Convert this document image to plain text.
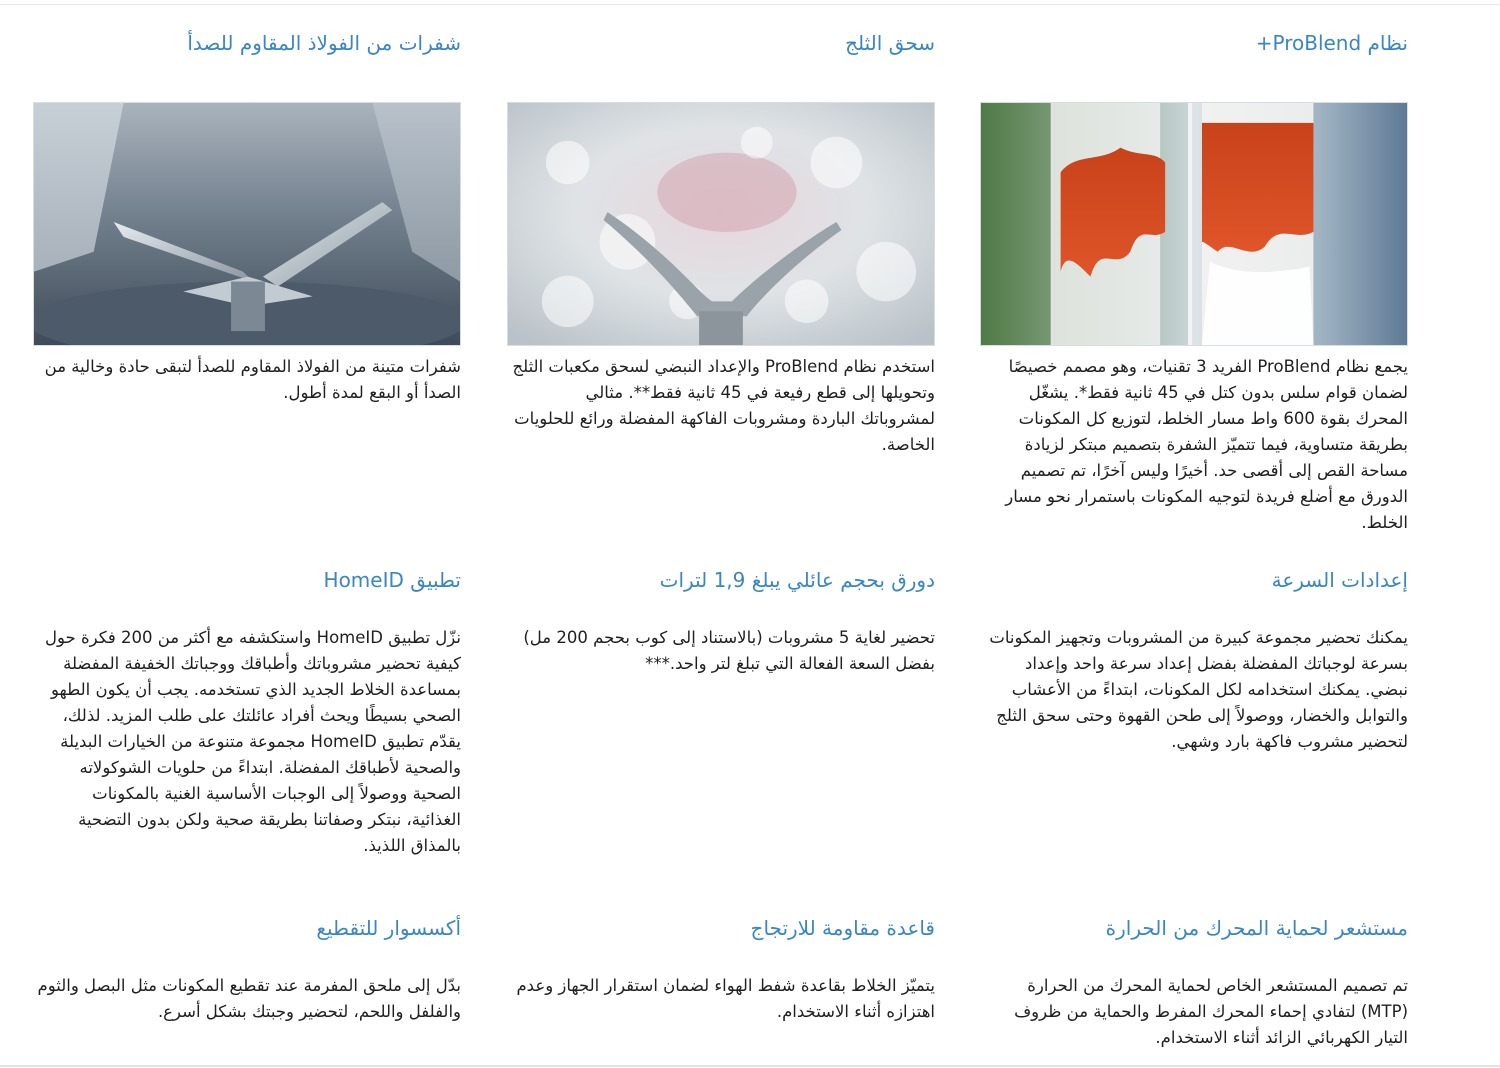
نظام ProBlend+

يجمع نظام ProBlend الفريد 3 تقنيات، وهو مصمم خصيصًا لضمان قوام سلس بدون كتل في 45 ثانية فقط*. يشغّل المحرك بقوة 600 واط مسار الخلط، لتوزيع كل المكونات بطريقة متساوية، فيما تتميّز الشفرة بتصميم مبتكر لزيادة مساحة القص إلى أقصى حد. أخيرًا وليس آخرًا، تم تصميم الدورق مع أضلع فريدة لتوجيه المكونات باستمرار نحو مسار الخلط.

سحق الثلج

استخدم نظام ProBlend والإعداد النبضي لسحق مكعبات الثلج وتحويلها إلى قطع رفيعة في 45 ثانية فقط**. مثالي لمشروباتك الباردة ومشروبات الفاكهة المفضلة ورائع للحلويات الخاصة.

شفرات من الفولاذ المقاوم للصدأ

شفرات متينة من الفولاذ المقاوم للصدأ لتبقى حادة وخالية من الصدأ أو البقع لمدة أطول.

إعدادات السرعة

يمكنك تحضير مجموعة كبيرة من المشروبات وتجهيز المكونات بسرعة لوجباتك المفضلة بفضل إعداد سرعة واحد وإعداد نبضي. يمكنك استخدامه لكل المكونات، ابتداءً من الأعشاب والتوابل والخضار، ووصولاً إلى طحن القهوة وحتى سحق الثلج لتحضير مشروب فاكهة بارد وشهي.

دورق بحجم عائلي يبلغ 1,9 لترات

تحضير لغاية 5 مشروبات (بالاستناد إلى كوب بحجم 200 مل) بفضل السعة الفعالة التي تبلغ لتر واحد.***

تطبيق HomeID

نزّل تطبيق HomeID واستكشفه مع أكثر من 200 فكرة حول كيفية تحضير مشروباتك وأطباقك ووجباتك الخفيفة المفضلة بمساعدة الخلاط الجديد الذي تستخدمه. يجب أن يكون الطهو الصحي بسيطًا ويحث أفراد عائلتك على طلب المزيد. لذلك، يقدّم تطبيق HomeID مجموعة متنوعة من الخيارات البديلة والصحية لأطباقك المفضلة. ابتداءً من حلويات الشوكولاته الصحية ووصولاً إلى الوجبات الأساسية الغنية بالمكونات الغذائية، نبتكر وصفاتنا بطريقة صحية ولكن بدون التضحية بالمذاق اللذيذ.

مستشعر لحماية المحرك من الحرارة

تم تصميم المستشعر الخاص لحماية المحرك من الحرارة (MTP) لتفادي إحماء المحرك المفرط والحماية من ظروف التيار الكهربائي الزائد أثناء الاستخدام.

قاعدة مقاومة للارتجاج

يتميّز الخلاط بقاعدة شفط الهواء لضمان استقرار الجهاز وعدم اهتزازه أثناء الاستخدام.

أكسسوار للتقطيع

بدّل إلى ملحق المفرمة عند تقطيع المكونات مثل البصل والثوم والفلفل واللحم، لتحضير وجبتك بشكل أسرع.
